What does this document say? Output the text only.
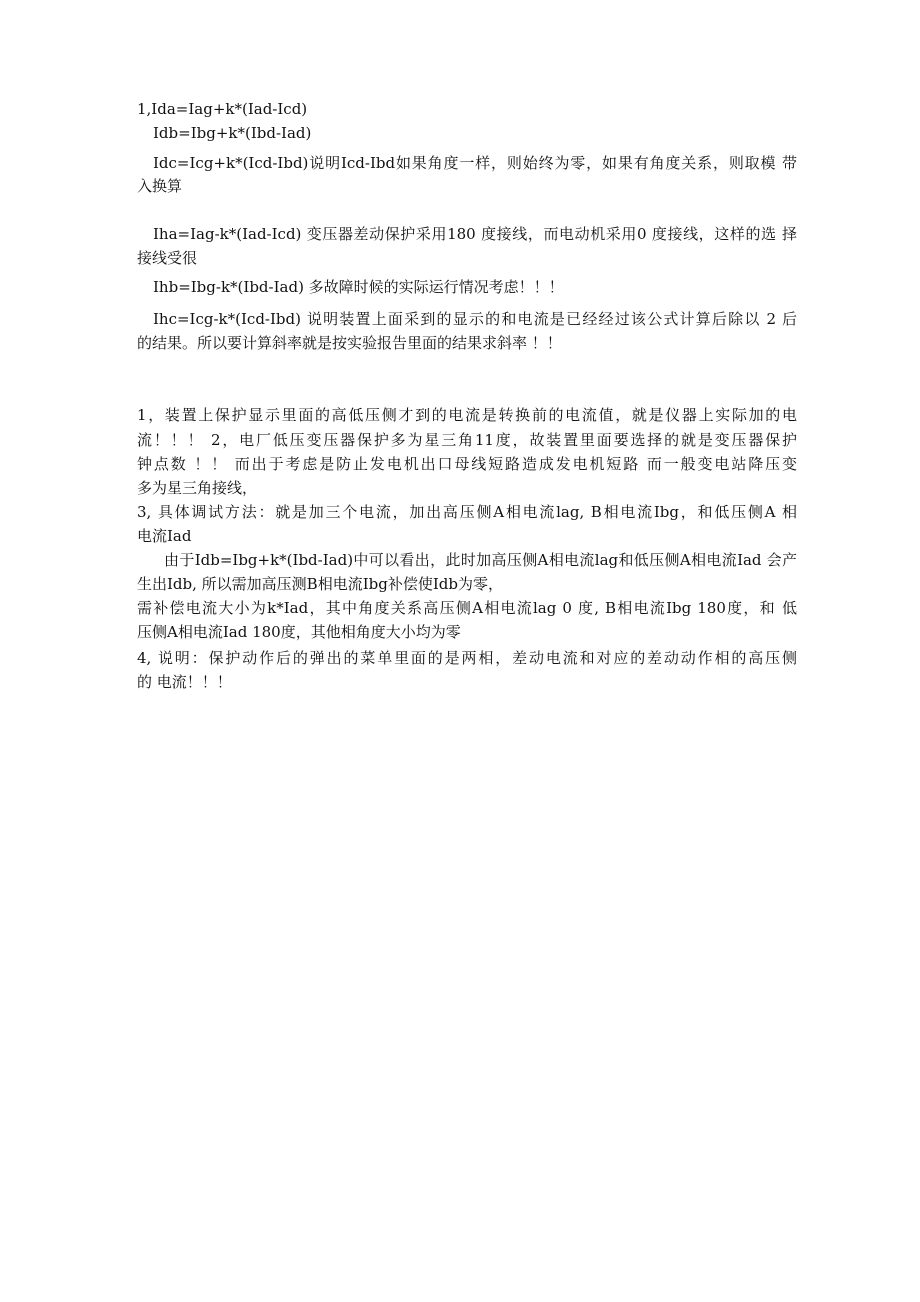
1,Ida=Iag+k*(Iad-Icd)
Idb=Ibg+k*(Ibd-Iad)
Idc=Icg+k*(Icd-Ibd)说明Icd-Ibd如果角度一样，则始终为零，如果有角度关系，则取模 带
入换算
Iha=Iag-k*(Iad-Icd) 变压器差动保护采用180 度接线，而电动机采用0 度接线，这样的选 择
接线受很
Ihb=Ibg-k*(Ibd-Iad) 多故障时候的实际运行情况考虑！！！
Ihc=Icg-k*(Icd-Ibd) 说明装置上面采到的显示的和电流是已经经过该公式计算后除以 2 后
的结果。所以要计算斜率就是按实验报告里面的结果求斜率 ！！
1，装置上保护显示里面的高低压侧才到的电流是转换前的电流值，就是仪器上实际加的电
流！！！ 2，电厂低压变压器保护多为星三角11度，故装置里面要选择的就是变压器保护
钟点数 ！！ 而出于考虑是防止发电机出口母线短路造成发电机短路 而一般变电站降压变
多为星三角接线，
3, 具体调试方法：就是加三个电流，加出高压侧A相电流lag, B相电流Ibg，和低压侧A 相
电流Iad
由于Idb=Ibg+k*(Ibd-Iad)中可以看出，此时加高压侧A相电流lag和低压侧A相电流Iad 会产
生出Idb, 所以需加高压测B相电流Ibg补偿使Idb为零，
需补偿电流大小为k*Iad，其中角度关系高压侧A相电流lag 0 度, B相电流Ibg 180度，和 低
压侧A相电流Iad 180度，其他相角度大小均为零
4, 说明：保护动作后的弹出的菜单里面的是两相，差动电流和对应的差动动作相的高压侧
的 电流！！！
